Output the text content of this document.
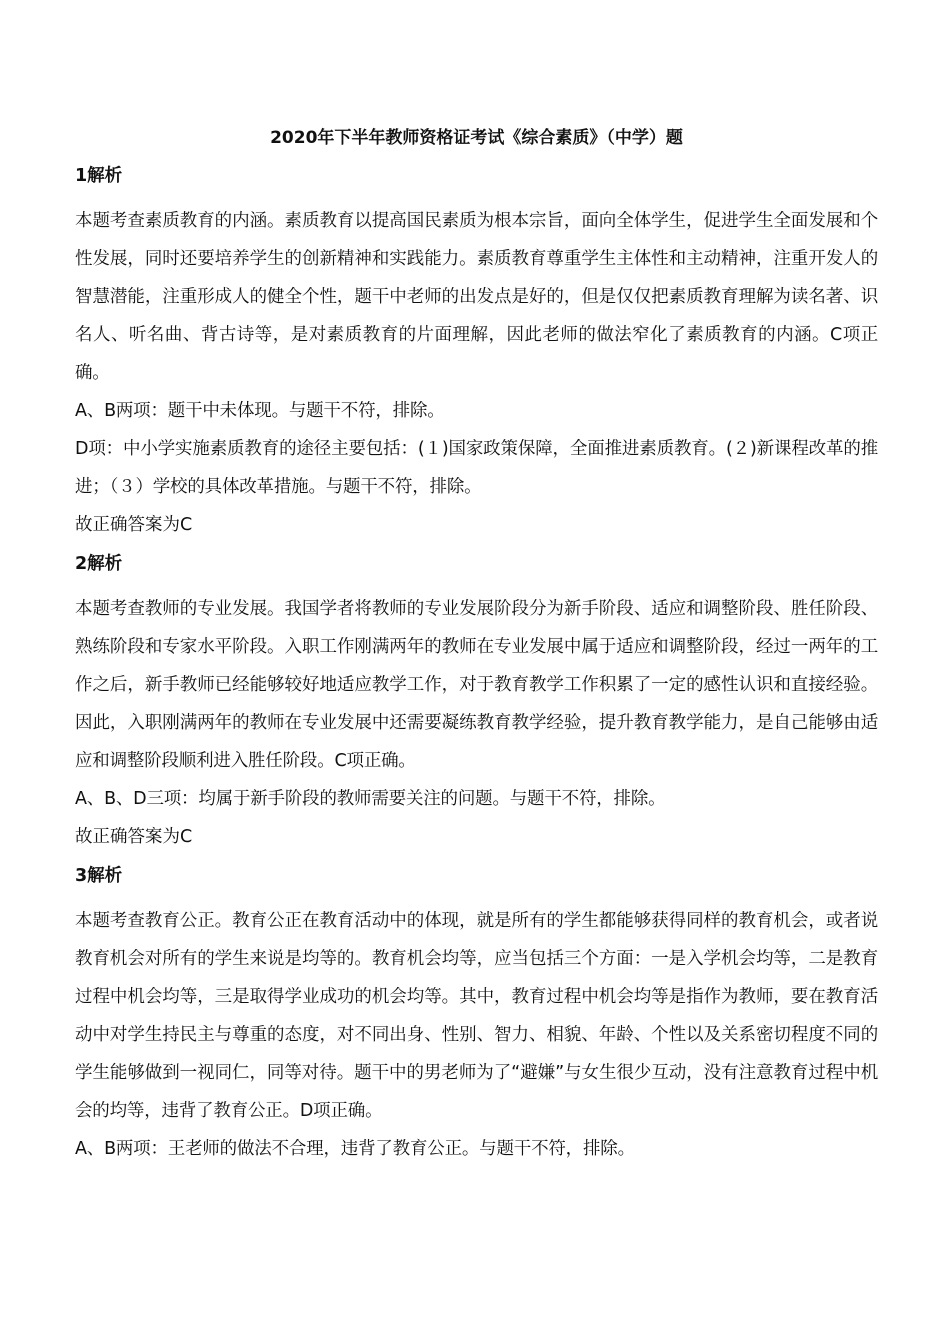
2020年下半年教师资格证考试《综合素质》（中学）题
1解析

本题考查素质教育的内涵。素质教育以提高国民素质为根本宗旨，面向全体学生，促进学生全面发展和个性发展，同时还要培养学生的创新精神和实践能力。素质教育尊重学生主体性和主动精神，注重开发人的智慧潜能，注重形成人的健全个性，题干中老师的出发点是好的，但是仅仅把素质教育理解为读名著、识名人、听名曲、背古诗等，是对素质教育的片面理解，因此老师的做法窄化了素质教育的内涵。C项正确。

A、B两项：题干中未体现。与题干不符，排除。

D项：中小学实施素质教育的途径主要包括：(１)国家政策保障，全面推进素质教育。(２)新课程改革的推进；（３）学校的具体改革措施。与题干不符，排除。

故正确答案为C

2解析

本题考查教师的专业发展。我国学者将教师的专业发展阶段分为新手阶段、适应和调整阶段、胜任阶段、熟练阶段和专家水平阶段。入职工作刚满两年的教师在专业发展中属于适应和调整阶段，经过一两年的工作之后，新手教师已经能够较好地适应教学工作，对于教育教学工作积累了一定的感性认识和直接经验。因此，入职刚满两年的教师在专业发展中还需要凝练教育教学经验，提升教育教学能力，是自己能够由适应和调整阶段顺利进入胜任阶段。C项正确。

A、B、D三项：均属于新手阶段的教师需要关注的问题。与题干不符，排除。

故正确答案为C

3解析

本题考查教育公正。教育公正在教育活动中的体现，就是所有的学生都能够获得同样的教育机会，或者说教育机会对所有的学生来说是均等的。教育机会均等，应当包括三个方面：一是入学机会均等，二是教育过程中机会均等，三是取得学业成功的机会均等。其中，教育过程中机会均等是指作为教师，要在教育活动中对学生持民主与尊重的态度，对不同出身、性别、智力、相貌、年龄、个性以及关系密切程度不同的学生能够做到一视同仁，同等对待。题干中的男老师为了“避嫌”与女生很少互动，没有注意教育过程中机会的均等，违背了教育公正。D项正确。

A、B两项：王老师的做法不合理，违背了教育公正。与题干不符，排除。
